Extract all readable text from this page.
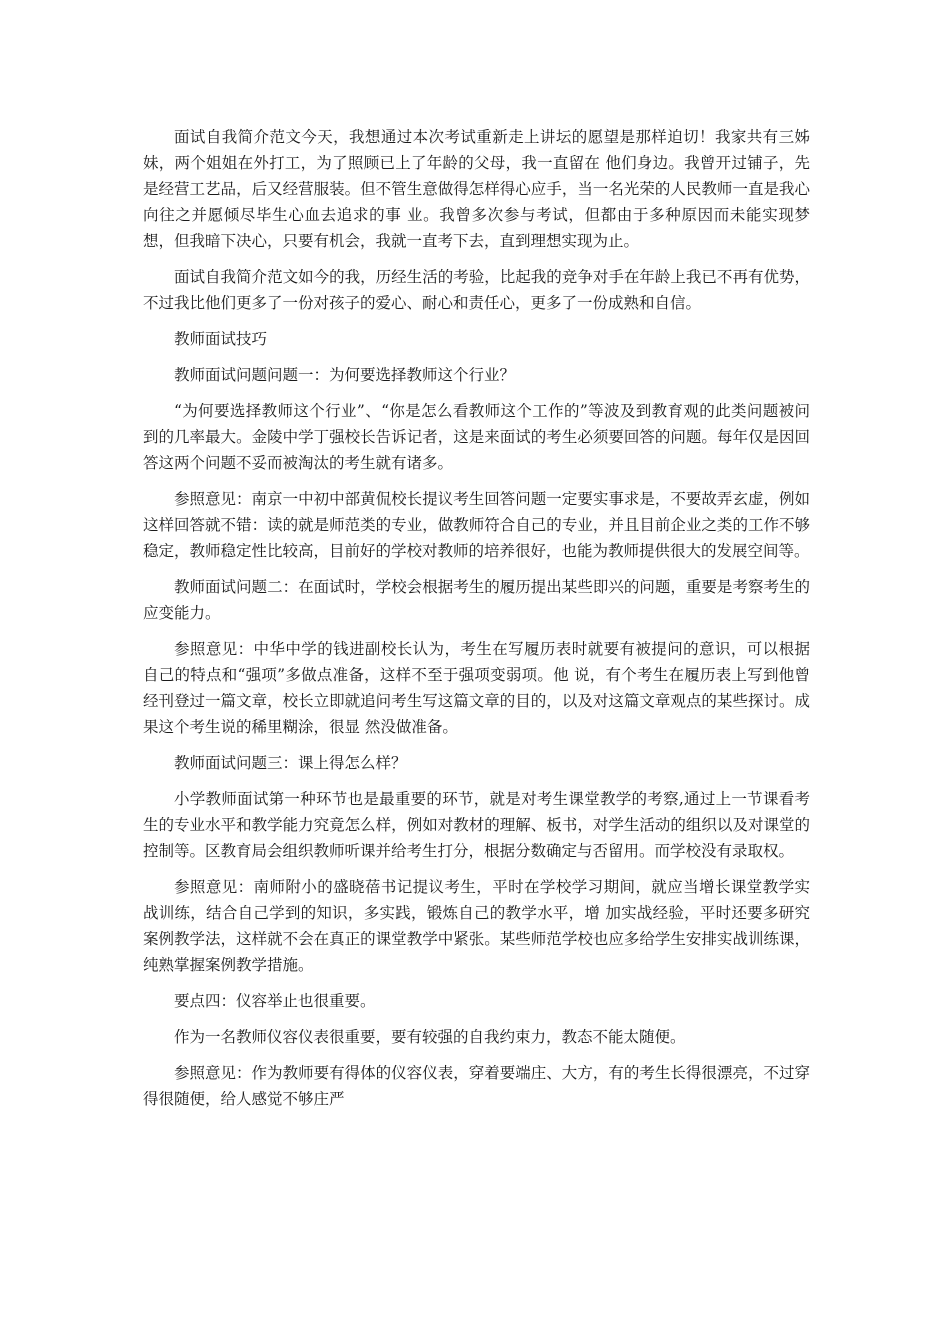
面试自我简介范文今天，我想通过本次考试重新走上讲坛的愿望是那样迫切！我家共有三姊 妹，两个姐姐在外打工，为了照顾已上了年龄的父母，我一直留在 他们身边。我曾开过铺子，先是经营工艺品，后又经营服装。但不管生意做得怎样得心应手，当一名光荣的人民教师一直是我心向往之并愿倾尽毕生心血去追求的事 业。我曾多次参与考试，但都由于多种原因而未能实现梦想，但我暗下决心，只要有机会，我就一直考下去，直到理想实现为止。

面试自我简介范文如今的我，历经生活的考验，比起我的竞争对手在年龄上我已不再有优势，不过我比他们更多了一份对孩子的爱心、耐心和责任心，更多了一份成熟和自信。

教师面试技巧

教师面试问题问题一：为何要选择教师这个行业？

“为何要选择教师这个行业”、“你是怎么看教师这个工作的”等波及到教育观的此类问题被问到的几率最大。金陵中学丁强校长告诉记者，这是来面试的考生必须要回答的问题。每年仅是因回答这两个问题不妥而被淘汰的考生就有诸多。

参照意见：南京一中初中部黄侃校长提议考生回答问题一定要实事求是，不要故弄玄虚，例如这样回答就不错：读的就是师范类的专业，做教师符合自己的专业，并且目前企业之类的工作不够稳定，教师稳定性比较高，目前好的学校对教师的培养很好，也能为教师提供很大的发展空间等。

教师面试问题二：在面试时，学校会根据考生的履历提出某些即兴的问题，重要是考察考生的应变能力。

参照意见：中华中学的钱进副校长认为，考生在写履历表时就要有被提问的意识，可以根据 自己的特点和“强项”多做点准备，这样不至于强项变弱项。他 说，有个考生在履历表上写到他曾经刊登过一篇文章，校长立即就追问考生写这篇文章的目的，以及对这篇文章观点的某些探讨。成果这个考生说的稀里糊涂，很显 然没做准备。

教师面试问题三：课上得怎么样？

小学教师面试第一种环节也是最重要的环节，就是对考生课堂教学的考察,通过上一节课看考生的专业水平和教学能力究竟怎么样，例如对教材的理解、板书，对学生活动的组织以及对课堂的控制等。区教育局会组织教师听课并给考生打分，根据分数确定与否留用。而学校没有录取权。

参照意见：南师附小的盛晓蓓书记提议考生，平时在学校学习期间，就应当增长课堂教学实 战训练，结合自己学到的知识，多实践，锻炼自己的教学水平，增 加实战经验，平时还要多研究案例教学法，这样就不会在真正的课堂教学中紧张。某些师范学校也应多给学生安排实战训练课，纯熟掌握案例教学措施。

要点四：仪容举止也很重要。

作为一名教师仪容仪表很重要，要有较强的自我约束力，教态不能太随便。

参照意见：作为教师要有得体的仪容仪表，穿着要端庄、大方，有的考生长得很漂亮，不过穿得很随便，给人感觉不够庄严
